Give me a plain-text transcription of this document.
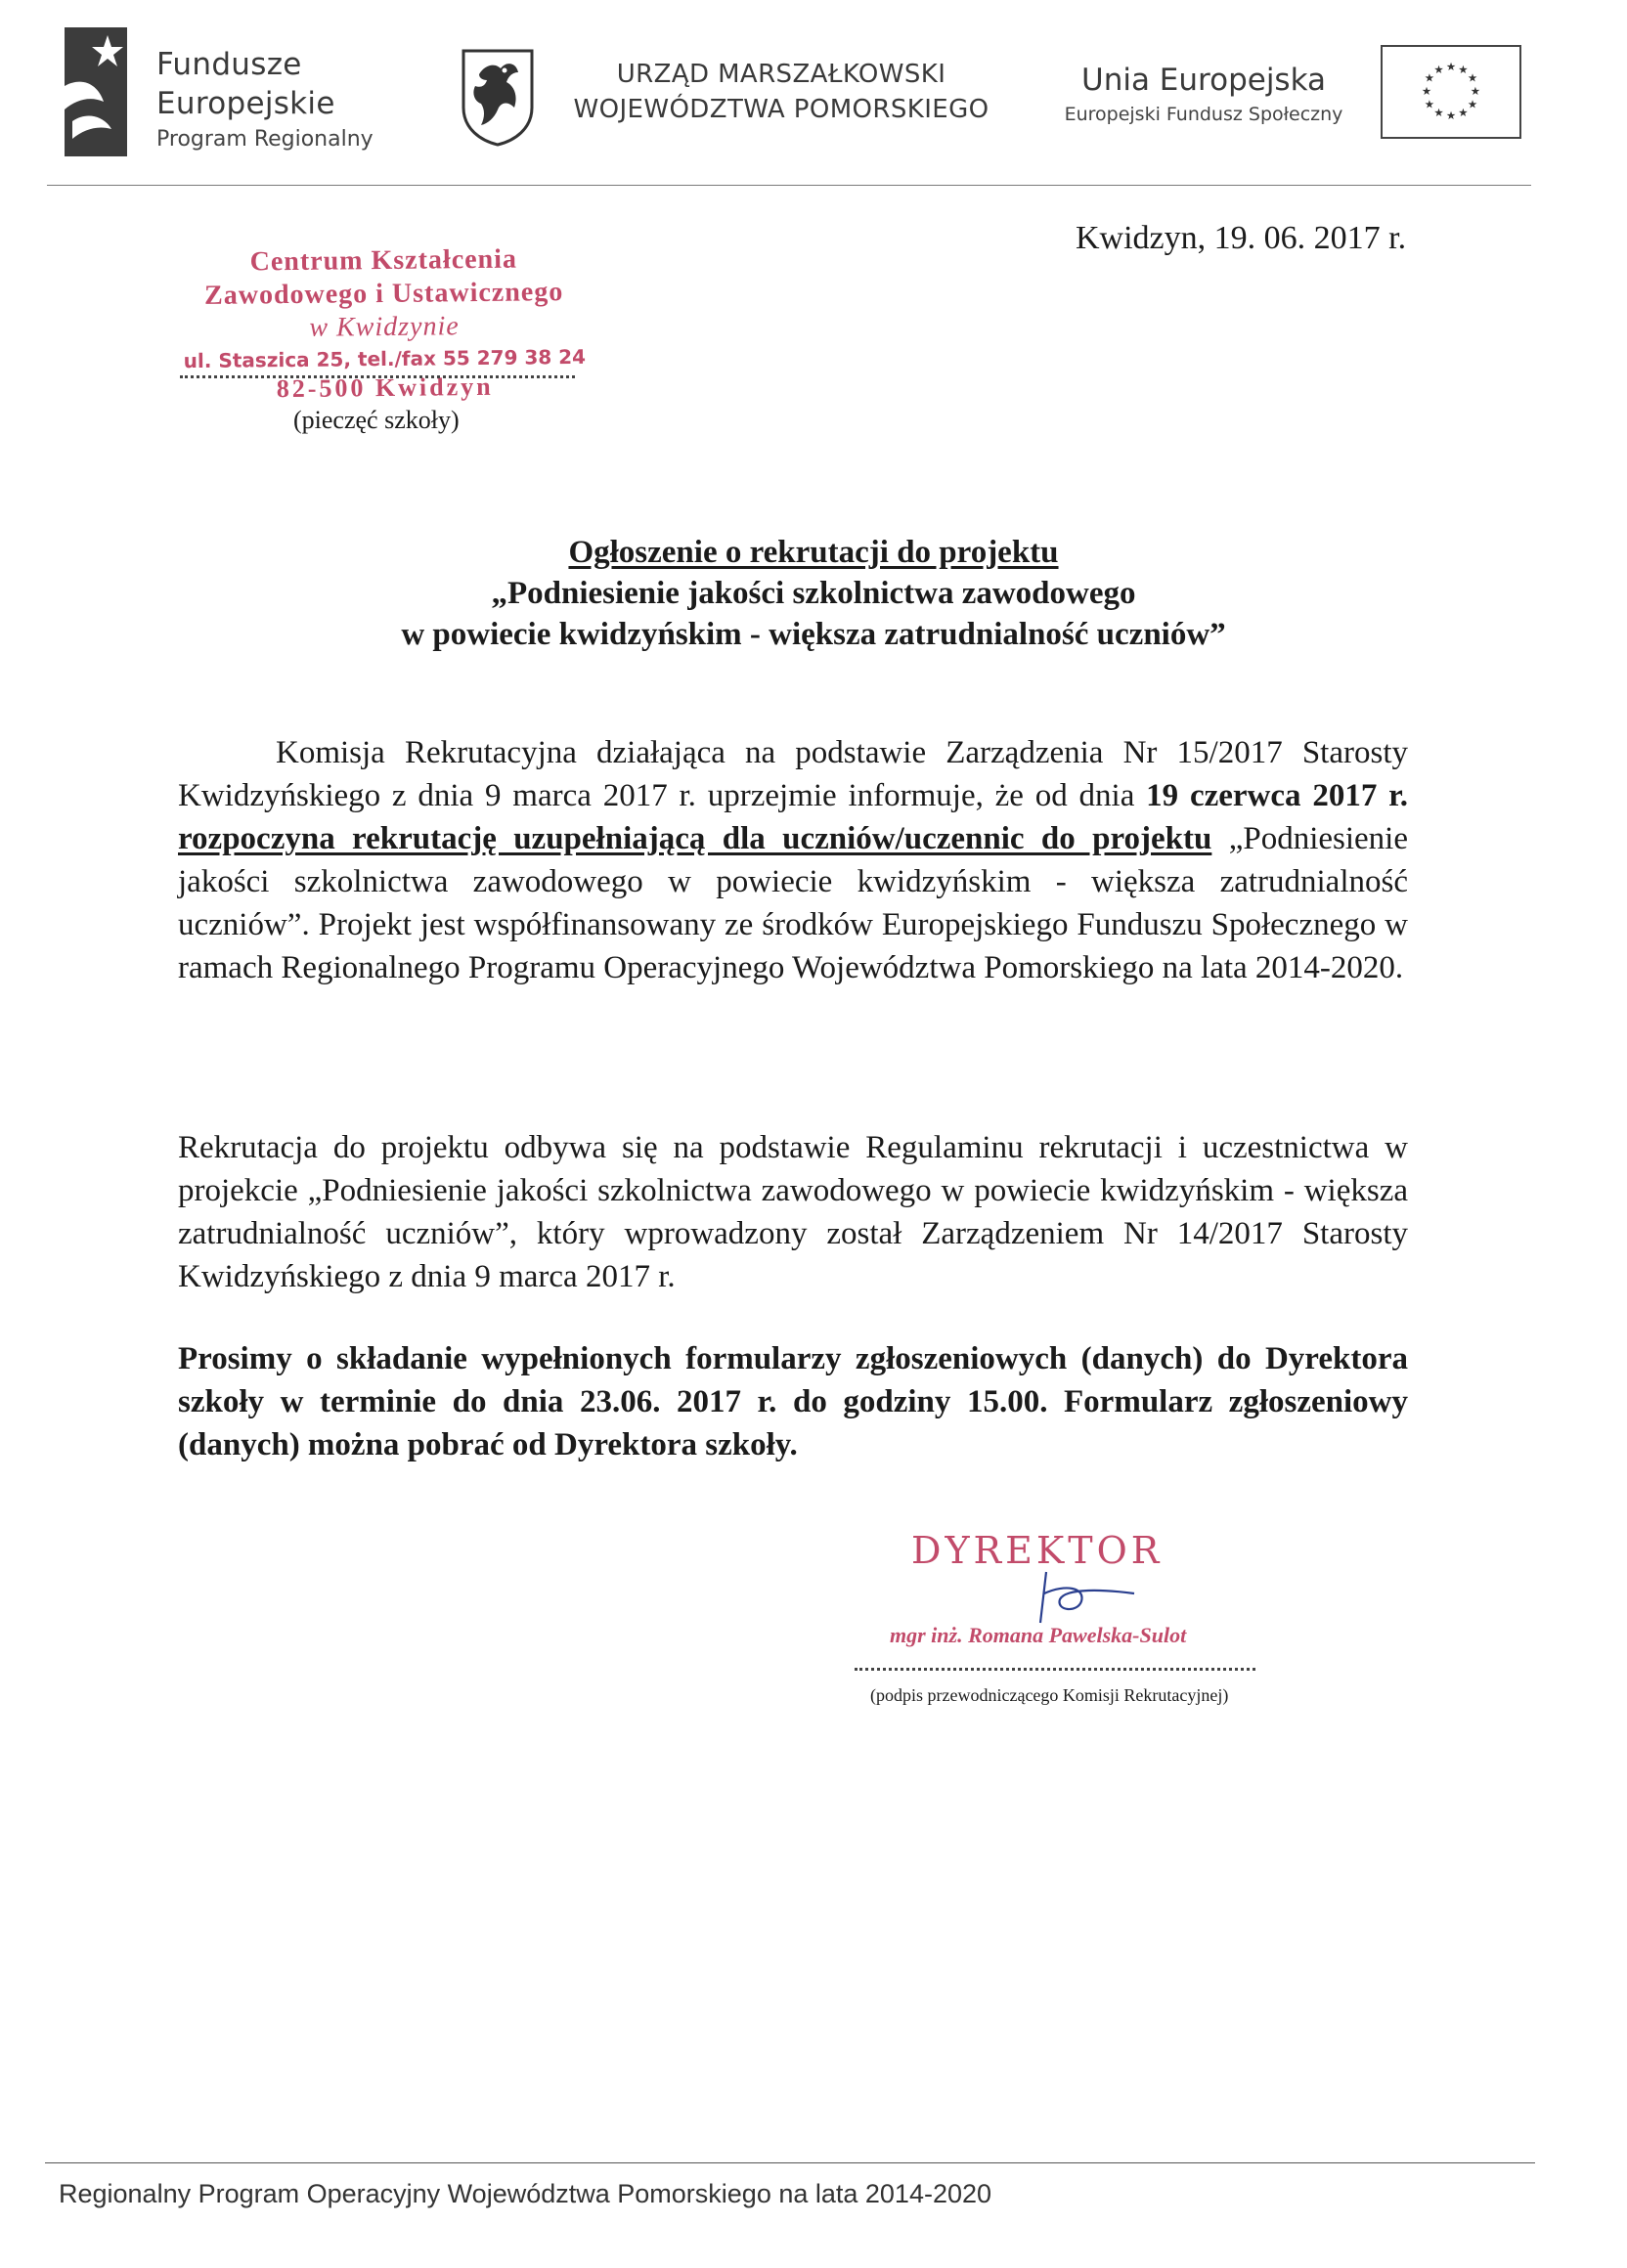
Fundusze
Europejskie
Program Regionalny
URZĄD MARSZAŁKOWSKI
WOJEWÓDZTWA POMORSKIEGO
Unia Europejska
Europejski Fundusz Społeczny
★ ★
★
★
★
★
★
★
★
★
★
★
Kwidzyn, 19. 06. 2017 r.
Centrum Kształcenia
Zawodowego i Ustawicznego
w Kwidzynie
ul. Staszica 25, tel./fax 55 279 38 24
82-500 Kwidzyn
(pieczęć szkoły)
Ogłoszenie o rekrutacji do projektu
„Podniesienie jakości szkolnictwa zawodowego
w powiecie kwidzyńskim - większa zatrudnialność uczniów”
Komisja Rekrutacyjna działająca na podstawie Zarządzenia Nr 15/2017 Starosty Kwidzyńskiego z dnia 9 marca 2017 r. uprzejmie informuje, że od dnia 19 czerwca 2017 r. rozpoczyna rekrutację uzupełniającą dla uczniów/uczennic do projektu „Podniesienie jakości szkolnictwa zawodowego w powiecie kwidzyńskim - większa zatrudnialność uczniów”. Projekt jest współfinansowany ze środków Europejskiego Funduszu Społecznego w ramach Regionalnego Programu Operacyjnego Województwa Pomorskiego na lata 2014-2020.
Rekrutacja do projektu odbywa się na podstawie Regulaminu rekrutacji i uczestnictwa w projekcie „Podniesienie jakości szkolnictwa zawodowego w powiecie kwidzyńskim - większa zatrudnialność uczniów”, który wprowadzony został Zarządzeniem Nr 14/2017 Starosty Kwidzyńskiego z dnia 9 marca 2017 r.
Prosimy o składanie wypełnionych formularzy zgłoszeniowych (danych) do Dyrektora szkoły w terminie do dnia 23.06. 2017 r. do godziny 15.00. Formularz zgłoszeniowy (danych) można pobrać od Dyrektora szkoły.
DYREKTOR
mgr inż. Romana Pawelska-Sulot
(podpis przewodniczącego Komisji Rekrutacyjnej)
Regionalny Program Operacyjny Województwa Pomorskiego na lata 2014-2020
